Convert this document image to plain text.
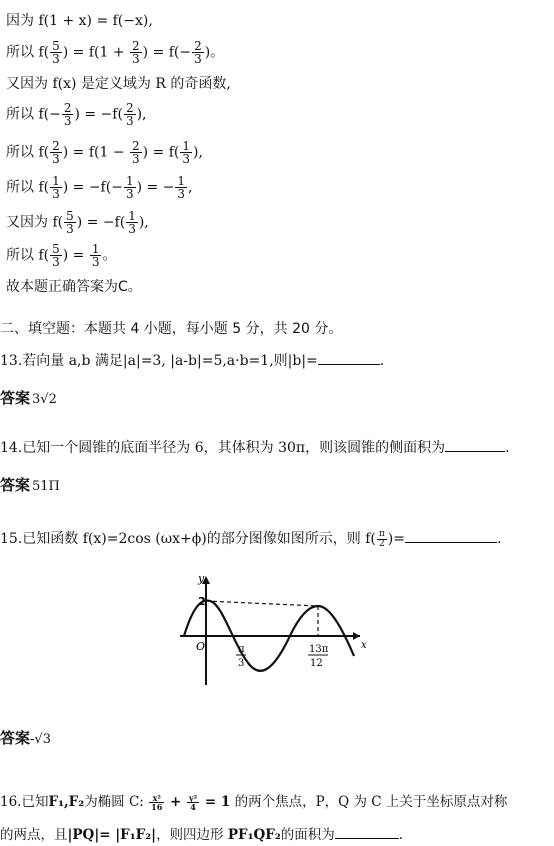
因为 f(1 + x) = f(−x),
所以 $f( \frac{5}{3}$ ) = $f(1 + \frac{2}{3}$ ) = $f(- \frac{2}{3}$ )。
又因为 f(x) 是定义域为 R 的奇函数,
所以 $f(- \frac{2}{3}$ ) = $-f( \frac{2}{3}$ ),
所以 $f( \frac{2}{3}$ ) = $f(1 - \frac{2}{3}$ ) = $f( \frac{1}{3}$ ),
所以 $f( \frac{1}{3}$ ) = $-f(- \frac{1}{3}$ ) = − $\frac{1}{3}$ ,
又因为 $f( \frac{5}{3}$ ) = $-f( \frac{1}{3}$ ),
所以 $f( \frac{5}{3}$ ) = $\frac{1}{3}$ 。
故本题正确答案为C。
二、填空题：本题共 4 小题，每小题 5 分，共 20 分。
13.若向量 a,b 满足|a|=3, |a-b|=5,a·b=1,则|b|=	.
答案 3√2
14.已知一个圆锥的底面半径为 6，其体积为 30π，则该圆锥的侧面积为	.
答案 51Π
15.已知函数 f(x)=2cos (ωx+ϕ)的部分图像如图所示，则 $f( \frac{\pi}{2}$ )=	.
y
x
O
2
π
3
13π
12
答案-√3
16.已知F₁,F₂为椭圆 C: $\frac{\text{x²}}{16} + \frac{\text{y²}}{4} = 1$ 的两个焦点，P，Q 为 C 上关于坐标原点对称
的两点，且|PQ|= |F₁F₂|，则四边形 PF₁QF₂的面积为	.
